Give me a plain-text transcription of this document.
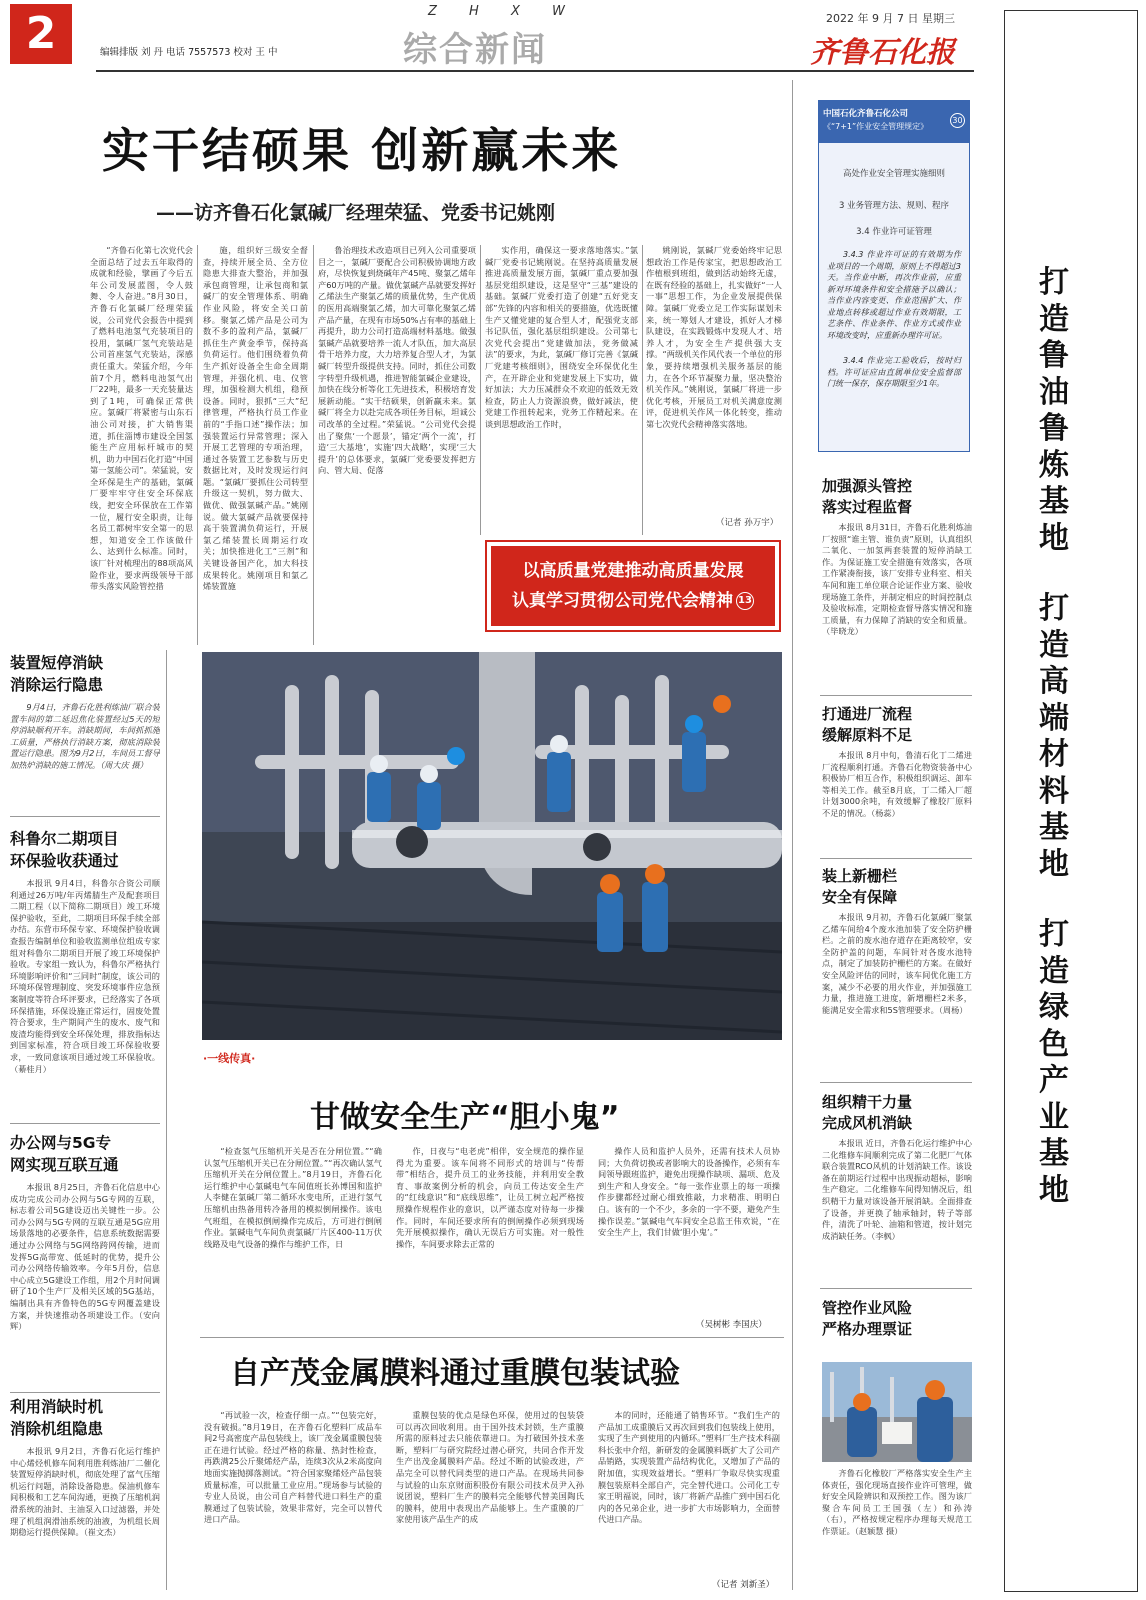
2	编辑排版 刘 丹 电话 7557573 校对 王 中
Z H X W
综合新闻
2022 年 9 月 7 日 星期三
齐鲁石化报
实干结硕果 创新赢未来
——访齐鲁石化氯碱厂经理荣猛、党委书记姚刚

“齐鲁石化第七次党代会全面总结了过去五年取得的成就和经验，擘画了今后五年公司发展蓝图，令人鼓舞、令人奋进。”8月30日，齐鲁石化氯碱厂经理荣猛说，公司党代会报告中提到了燃料电池氢气充装项目的投用，氯碱厂氢气充装站是公司首座氢气充装站，深感责任重大。荣猛介绍，今年前7个月，燃料电池氢气出厂22吨，最多一天充装量达到了1吨，可确保正常供应。氯碱厂将紧密与山东石油公司对接，扩大销售渠道，抓住淄博市建设全国氢能生产应用标杆城市的契机，助力中国石化打造“中国第一氢能公司”。荣猛说，安全环保是生产的基础，氯碱厂要牢牢守住安全环保底线，把安全环保放在工作第一位，履行安全职责，让每名员工都树牢安全第一的思想，知道安全工作该做什么、达到什么标准。同时，该厂针对梳理出的88项高风险作业，要求两级领导干部带头落实风险管控措

施，组织好三级安全督查，持续开展全员、全方位隐患大排查大整治，并加强承包商管理，让承包商和氯碱厂的安全管理体系、明确作业风险，将安全关口前移。聚氯乙烯产品是公司为数不多的盈利产品，氯碱厂抓住生产黄金季节，保持高负荷运行。他们围绕着负荷生产抓好设备全生命全周期管理，并强化机、电、仪管理，加强检测大机组，稳预设备。同时，狠抓“三大”纪律管理，严格执行员工作业前的“手指口述”操作法；加强装置运行异常管理；深入开展工艺管理的专项治理，通过各装置工艺参数与历史数据比对，及时发现运行问题。“氯碱厂要抓住公司转型升级这一契机，努力做大、做优、做强氯碱产品。”姚刚说。做大氯碱产品就要保持高于装置满负荷运行，开展氯乙烯装置长周期运行攻关；加快推进化工“三剂”和关键设备国产化，加大科技成果转化。姚刚项目和氯乙烯装置施

鲁治理技术改造项目已列入公司重要项目之一，氯碱厂要配合公司积极协调地方政府，尽快恢复到烧碱年产45吨、聚氯乙烯年产60万吨的产量。做优氯碱产品就要发挥好乙烯法生产聚氯乙烯的质量优势，生产优质的医用高端聚氯乙烯，加大可靠化聚氯乙烯产品产量，在现有市场50%占有率的基础上再提升，助力公司打造高端材料基地。做强氯碱产品就要培养一流人才队伍，加大高层骨干培养力度，大力培养复合型人才，为氯碱厂转型升级提供支持。同时，抓住公司数字转型升级机遇，推进智能氯碱企业建设，加快在线分析等化工先进技术，积极培育发展新动能。“实干结硕果，创新赢未来。氯碱厂将全力以赴完成各项任务目标，坦诚公司改革的全过程。”荣猛说。“公司党代会提出了聚焦‘一个愿景’，锚定‘两个一流’，打造‘三大基地’，实施‘四大战略’，实现‘三大提升’的总体要求，氯碱厂党委要发挥把方向、管大局、促落

实作用，确保这一要求落地落实。”氯碱厂党委书记姚刚说。在坚持高质量发展推进高质量发展方面，氯碱厂重点要加强基层党组织建设，这是坚守“三基”建设的基础。氯碱厂党委打造了创建“五好党支部”先锋的内容和相关的要措施，优选既懂生产又懂党建的复合型人才，配强党支部书记队伍，强化基层组织建设。公司第七次党代会提出“党建做加法，党务做减法”的要求，为此，氯碱厂修订完善《氯碱厂党建考核细则》，围绕安全环保优化生产，在开辟企业和党建发展上下实功，做好加法；大力压减群众不欢迎的低效无效检查，防止人力资源浪费，做好减法，使党建工作扭转起来，党务工作精起来。在谈到思想政治工作时，

姚刚说，氯碱厂党委始终牢记思想政治工作是传家宝，把思想政治工作植根到班组，做到活动始终无虚，在既有经验的基础上，扎实做好“一人一事”思想工作，为企业发展提供保障。氯碱厂党委立足工作实际谋划未来，统一筹划人才建设，抓好人才梯队建设，在实践锻炼中发现人才、培养人才，为安全生产提供强大支撑。“两级机关作风代表一个单位的形象，要持续增强机关服务基层的能力，在各个环节凝聚力量，坚决整治机关作风。”姚刚说，氯碱厂将进一步优化考核，开展员工对机关满意度测评，促进机关作风一体化转变，推动第七次党代会精神落实落地。

（记者 孙万宇）
以高质量党建推动高质量发展
认真学习贯彻公司党代会精神 13
装置短停消缺
消除运行隐患

9月4日，齐鲁石化胜利炼油厂联合装置车间的第二延迟焦化装置经过5天的短停消缺顺利开车。消缺期间，车间抓抓施工质量，严格执行消缺方案，彻底消除装置运行隐患。图为9月2日，车间员工督导加热炉消缺的施工情况。（周大庆 摄）

科鲁尔二期项目
环保验收获通过

本报讯 9月4日，科鲁尔合资公司顺利通过26万吨/年丙烯腈生产及配套项目二期工程（以下简称二期项目）竣工环境保护验收，至此，二期项目环保手续全部办结。东营市环保专家、环境保护验收调查报告编制单位和验收监测单位组成专家组对科鲁尔二期项目开展了竣工环境保护验收。专家组一致认为，科鲁尔严格执行环境影响评价和“三同时”制度，该公司的环境环保管理制度、突发环境事件应急预案制度等符合环评要求，已经落实了各项环保措施，环保设施正常运行，固废处置符合要求，生产期间产生的废水、废气和废渣均能得到安全环保处理，排放指标达到国家标准，符合项目竣工环保验收要求，一致同意该项目通过竣工环保验收。（綦桂月）

办公网与5G专
网实现互联互通

本报讯 8月25日，齐鲁石化信息中心成功完成公司办公网与5G专网的互联，标志着公司5G建设迈出关键性一步。公司办公网与5G专网的互联互通是5G应用场景落地的必要条件，信息系统数据需要通过办公网络与5G网络跨网传输，进而发挥5G高带宽、低延时的优势，提升公司办公网络传输效率。今年5月份，信息中心成立5G建设工作组，用2个月时间调研了10个生产厂及相关区域的5G基站，编制出具有齐鲁特色的5G专网覆盖建设方案，并快速推动各项建设工作。（安向辉）

利用消缺时机
消除机组隐患

本报讯 9月2日，齐鲁石化运行维护中心烯烃机修车间利用胜利炼油厂二催化装置短停消缺时机，彻底处理了富气压缩机运行问题，消除设备隐患。保油机修车间积极和工艺车间沟通，更换了压缩机润滑系统的油封、主油泵入口过滤器，并处理了机组润滑油系统的油液，为机组长周期稳运行提供保障。（崔文杰）

·一线传真·
甘做安全生产“胆小鬼”

“检查氢气压缩机开关是否在分闸位置。”“确认氢气压缩机开关已在分闸位置。”“再次确认氢气压缩机开关在分闸位置上。”8月19日，齐鲁石化运行维护中心氯碱电气车间值班长孙博国和监护人李健在氯碱厂第二循环水变电所，正进行氢气压缩机由热备用转冷备用的模拟倒闸操作。该电气班组，在模拟倒闸操作完成后，方可进行倒闸作业。氯碱电气车间负责氯碱厂片区400-11万伏线路及电气设备的操作与维护工作，日

作，日夜与“电老虎”相伴，安全规范的操作显得尤为重要。该车间将不同形式的培训与“传帮带”相结合，提升员工的业务技能，并利用安全教育、事故案例分析的机会，向员工传达安全生产的“红线意识”和“底线思维”，让员工树立起严格按照操作规程作业的意识，以严谨态度对待每一步操作。同时，车间还要求所有的倒闸操作必须到现场先开展模拟操作，确认无误后方可实施。对一般性操作，车间要求除去正常的

操作人员和监护人员外，还需有技术人员协同；大负荷切换或者影响大的设备操作，必须有车间领导跟班监护，避免出现操作缺项、漏项、危及到生产和人身安全。“每一张作业票上的每一项操作步骤都经过耐心细致推敲，力求精准、明明白白。该有的一个不少，多余的一字不要，避免产生操作误差。”氯碱电气车间安全总监王伟欢说，“在安全生产上，我们甘做‘胆小鬼’。”

（吴树彬 李国庆）
自产茂金属膜料通过重膜包装试验

“再试验一次，检查仔细一点。”“包装完好，没有破损。”8月19日，在齐鲁石化塑料厂成品车间2号高密度产品包装线上，该厂茂金属重膜包装正在进行试验。经过严格的称量、热封性检查，再跌满25公斤聚烯烃产品，连续3次从2米高度向地面实施抛掷落测试。“符合国家聚烯烃产品包装质量标准，可以批量工业应用。”现场参与试验的专业人员说，由公司自产料替代进口料生产的重膜通过了包装试验，效果非常好，完全可以替代进口产品。

重膜包装的优点是绿色环保，使用过的包装袋可以再次回收利用。由于国外技术封锁，生产重膜所需的原料过去只能依靠进口。为打破国外技术垄断，塑料厂与研究院经过潜心研究，共同合作开发生产出茂金属膜料产品。经过不断的试验改进，产品完全可以替代同类型的进口产品。在现场共同参与试验的山东京财面积股份有限公司技术员尹入孙说团说，塑料厂生产的膜料完全能够代替美国陶氏的膜料，使用中表现出产品能够上。生产重膜的厂家使用该产品生产的成

本的同时，还能通了销售环节。“我们生产的产品加工成重膜后又再次回到我们包装线上使用，实现了生产到使用的内循环。”塑料厂生产技术科副科长张中介绍，新研发的金属膜料既扩大了公司产品销路，实现装置产品结构优化，又增加了产品的附加值，实现效益增长。“塑料厂争取尽快实现重膜包装原料全部自产，完全替代进口。公司化工专家王明福说，同时，该厂将新产品推广到中国石化内的各兄弟企业，进一步扩大市场影响力，全面替代进口产品。

（记者 刘新圣）
中国石化齐鲁石化公司
《“7+1”作业安全管理规定》
30
高处作业安全管理实施细则
3 业务管理方法、规则、程序
3.4 作业许可证管理
3.4.3 作业许可证的有效期为作业项目的一个周期，原则上不得超过3天。当作业中断，再次作业前，应重新对环境条件和安全措施予以确认；当作业内容变更、作业范围扩大、作业地点转移或超过作业有效期限，工艺条件、作业条件、作业方式或作业环境改变时，应重新办理许可证。
3.4.4 作业完工验收后，按时归档。许可证应由直属单位安全监督部门统一保存，保存期限至少1年。
加强源头管控
落实过程监督

本报讯 8月31日，齐鲁石化胜利炼油厂按照“谁主管、谁负责”原则，认真组织二氧化、一加氢两套装置的短停消缺工作。为保证施工安全措施有效落实，各项工作紧凑衔接，该厂安排专业科室、相关车间和施工单位联合论证作业方案、验收现场施工条件，并制定相应的时间控制点及验收标准，定期检查督导落实情况和施工质量，有力保障了消缺的安全和质量。（毕晓龙）

打通进厂流程
缓解原料不足

本报讯 8月中旬，鲁清石化丁二烯进厂流程顺利打通。齐鲁石化物资装备中心积极协厂相互合作，积极组织调运、卸车等相关工作。截至8月底，丁二烯入厂超计划3000余吨，有效缓解了橡胶厂原料不足的情况。（杨蕊）

装上新栅栏
安全有保障

本报讯 9月初，齐鲁石化氯碱厂聚氯乙烯车间给4个废水池加装了安全防护栅栏。之前的废水池存道存在距离较窄，安全防护盖的问题，车间针对各废水池特点，制定了加装防护栅栏的方案。在做好安全风险评估的同时，该车间优化施工方案，减少不必要的用火作业，并加强施工力量，推进施工进度，新增栅栏2米多，能满足安全需求和5S管理要求。（周杨）

组织精干力量
完成风机消缺

本报讯 近日，齐鲁石化运行维护中心二化维修车间顺利完成了第二化肥厂气体联合装置RCO风机的计划消缺工作。该设备在前期运行过程中出现振动超标，影响生产稳定。二化维修车间得知情况后，组织精干力量对该设备开展消缺。全面排查了设备，并更换了轴承轴封，转子等部件，清洗了叶轮、油箱和管道，按计划完成消缺任务。（李枫）

管控作业风险
严格办理票证

齐鲁石化橡胶厂严格落实安全生产主体责任，强化现场直接作业许可管理，做好安全风险辨识和双预控工作。图为该厂聚合车间员工王国强（左）和孙涛（右），严格按规定程序办理每天规范工作票证。（赵颖慧 摄）

打造鲁油鲁炼基地
打造高端材料基地
打造绿色产业基地
